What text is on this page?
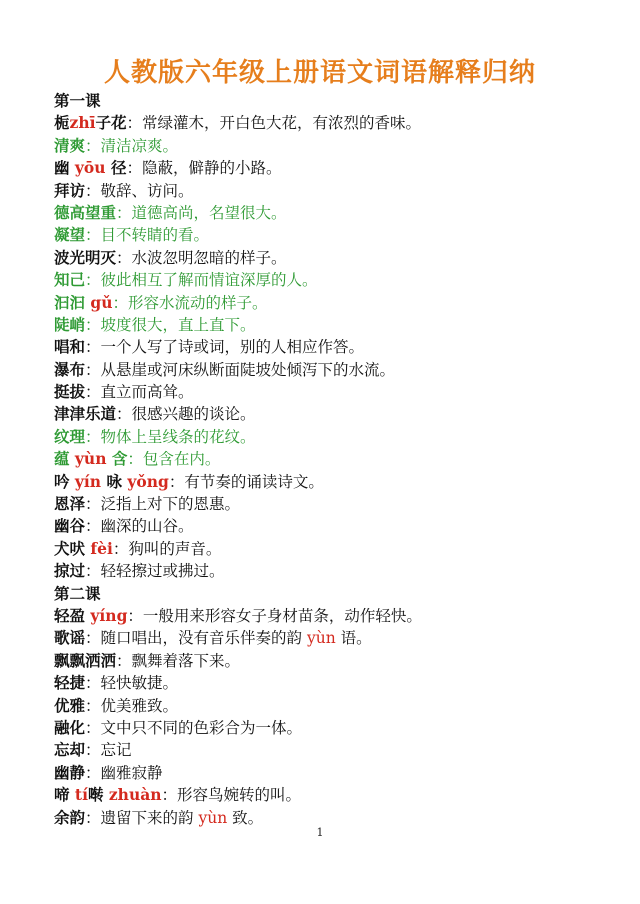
人教版六年级上册语文词语解释归纳
第一课
栀zhī子花：常绿灌木，开白色大花，有浓烈的香味。
清爽：清洁凉爽。
幽 yōu 径：隐蔽，僻静的小路。
拜访：敬辞、访问。
德高望重：道德高尚，名望很大。
凝望：目不转睛的看。
波光明灭：水波忽明忽暗的样子。
知己：彼此相互了解而情谊深厚的人。
汩汩 gǔ：形容水流动的样子。
陡峭：坡度很大，直上直下。
唱和：一个人写了诗或词，别的人相应作答。
瀑布：从悬崖或河床纵断面陡坡处倾泻下的水流。
挺拔：直立而高耸。
津津乐道：很感兴趣的谈论。
纹理：物体上呈线条的花纹。
蕴 yùn 含：包含在内。
吟 yín 咏 yǒng：有节奏的诵读诗文。
恩泽：泛指上对下的恩惠。
幽谷：幽深的山谷。
犬吠 fèi：狗叫的声音。
掠过：轻轻擦过或拂过。
第二课
轻盈 yíng：一般用来形容女子身材苗条，动作轻快。
歌谣：随口唱出，没有音乐伴奏的韵 yùn 语。
飘飘洒洒：飘舞着落下来。
轻捷：轻快敏捷。
优雅：优美雅致。
融化：文中只不同的色彩合为一体。
忘却：忘记
幽静：幽雅寂静
啼 tí啭 zhuàn：形容鸟婉转的叫。
余韵：遗留下来的韵 yùn 致。
1
